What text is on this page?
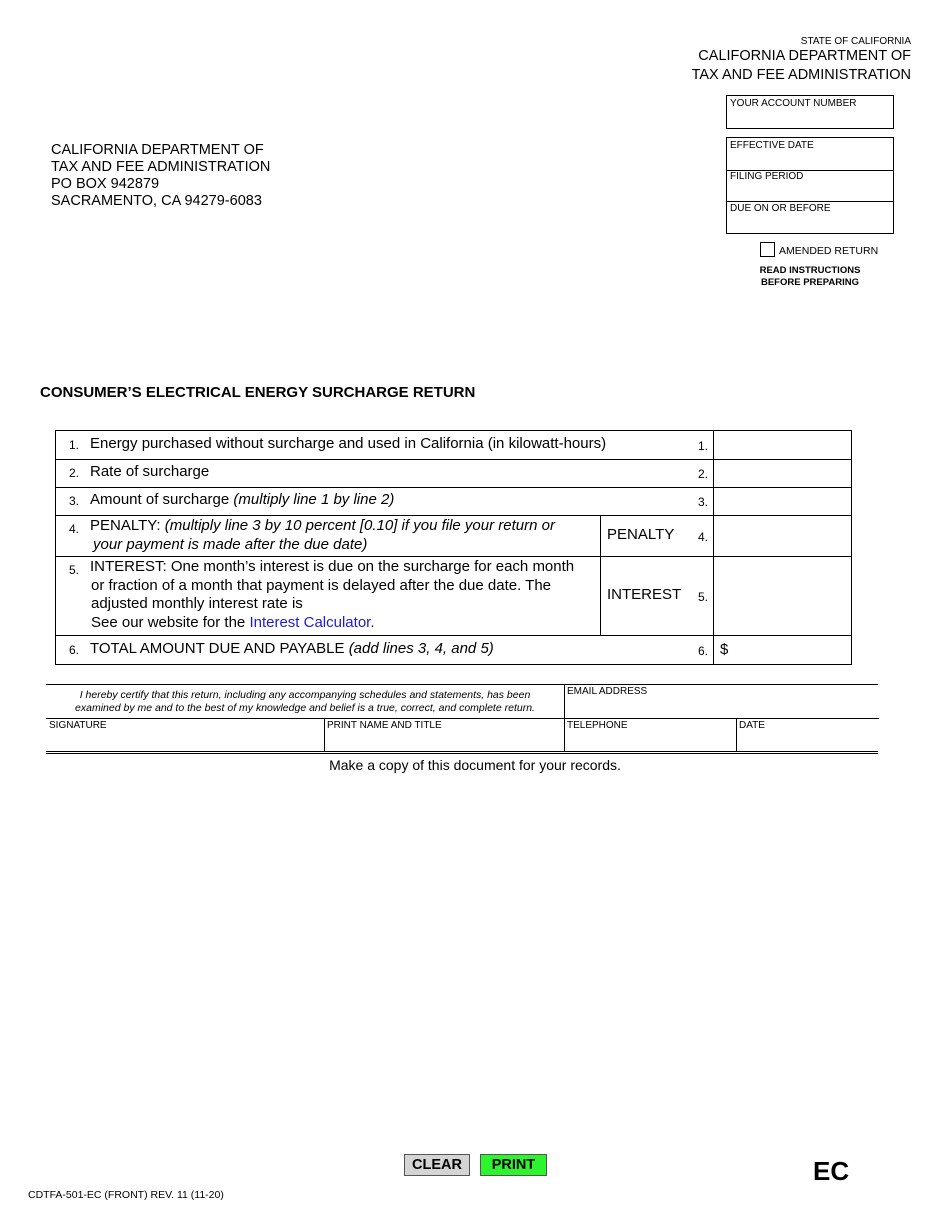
STATE OF CALIFORNIA
CALIFORNIA DEPARTMENT OF
TAX AND FEE ADMINISTRATION
YOUR ACCOUNT NUMBER
EFFECTIVE DATE
FILING PERIOD
DUE ON OR BEFORE
AMENDED RETURN
READ INSTRUCTIONS
BEFORE PREPARING
CALIFORNIA DEPARTMENT OF
TAX AND FEE ADMINISTRATION
PO BOX 942879
SACRAMENTO, CA 94279-6083
CONSUMER’S ELECTRICAL ENERGY SURCHARGE RETURN
1. Energy purchased without surcharge and used in California (in kilowatt-hours)	1.
2. Rate of surcharge	2.
3. Amount of surcharge (multiply line 1 by line 2)	3.
4. PENALTY: (multiply line 3 by 10 percent [0.10] if you file your return or
your payment is made after the due date)
PENALTY 4.
5. INTEREST: One month’s interest is due on the surcharge for each month
or fraction of a month that payment is delayed after the due date. The
adjusted monthly interest rate is
See our website for the Interest Calculator.
INTEREST 5.
6. TOTAL AMOUNT DUE AND PAYABLE (add lines 3, 4, and 5)	6. $
I hereby certify that this return, including any accompanying schedules and statements, has been
examined by me and to the best of my knowledge and belief is a true, correct, and complete return.
EMAIL ADDRESS
SIGNATURE	PRINT NAME AND TITLE	TELEPHONE	DATE
Make a copy of this document for your records.
CLEAR	PRINT	EC
CDTFA-501-EC (FRONT) REV. 11 (11-20)
